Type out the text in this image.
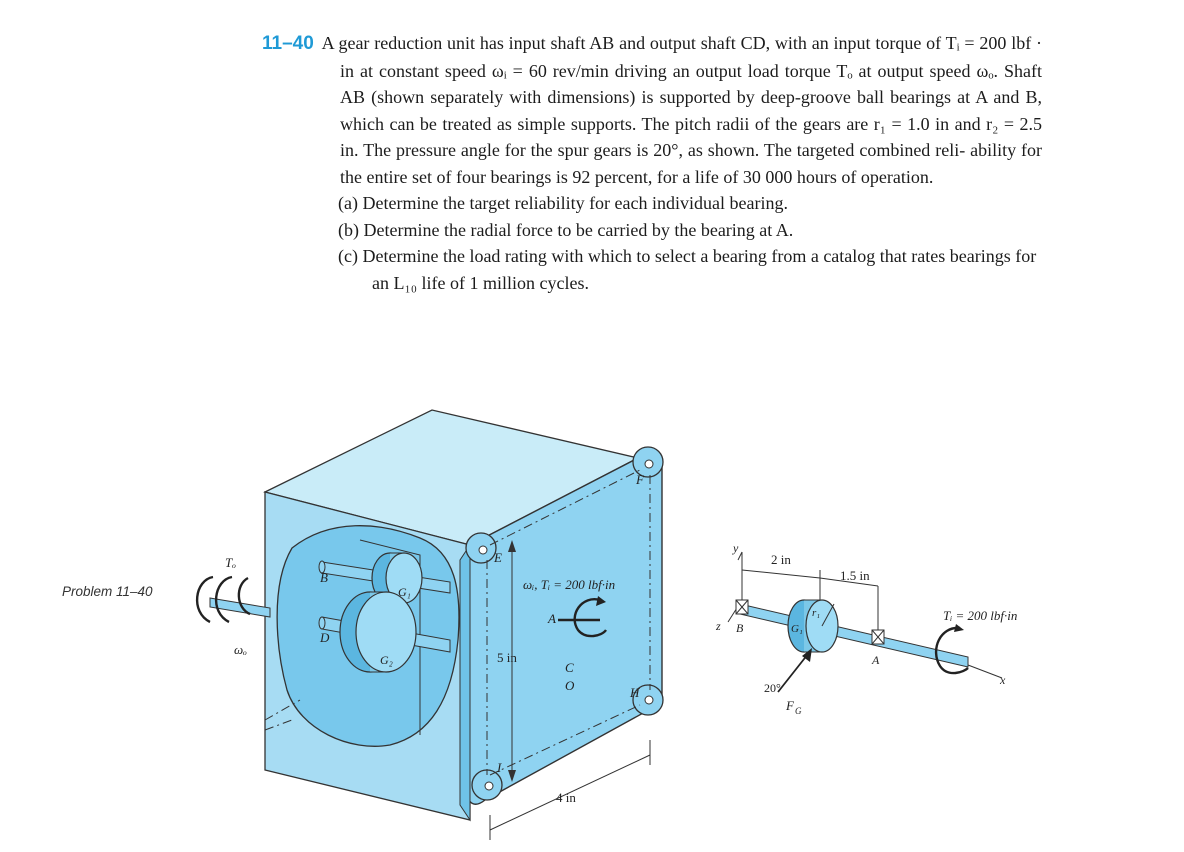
11–40 A gear reduction unit has input shaft AB and output shaft CD, with an input torque of Tᵢ = 200 lbf · in at constant speed ωᵢ = 60 rev/min driving an output load torque Tₒ at output speed ωₒ. Shaft AB (shown separately with dimensions) is supported by deep-groove ball bearings at A and B, which can be treated as simple supports. The pitch radii of the gears are r₁ = 1.0 in and r₂ = 2.5 in. The pressure angle for the spur gears is 20°, as shown. The targeted combined reli- ability for the entire set of four bearings is 92 percent, for a life of 30 000 hours of operation.
(a) Determine the target reliability for each individual bearing.
(b) Determine the radial force to be carried by the bearing at A.
(c) Determine the load rating with which to select a bearing from a catalog that rates bearings for an L₁₀ life of 1 million cycles.
Problem 11–40
Tₒ
ωₒ
B
D
G₁
G₂
E
F
H
I
C
O
ωᵢ, Tᵢ = 200 lbf·in
A
5 in
4 in
y
z
x
B
A
G₁
r₁
2 in
1.5 in
Tᵢ = 200 lbf·in
20°
F G
